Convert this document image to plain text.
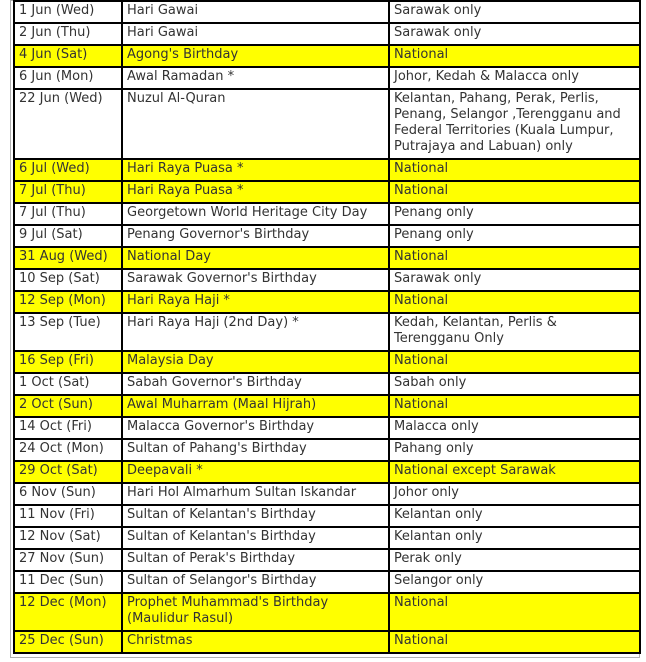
1 Jun (Wed)	Hari Gawai	Sarawak only
2 Jun (Thu)	Hari Gawai	Sarawak only
4 Jun (Sat)	Agong's Birthday	National
6 Jun (Mon)	Awal Ramadan *	Johor, Kedah & Malacca only
22 Jun (Wed)	Nuzul Al-Quran	Kelantan, Pahang, Perak, Perlis, Penang, Selangor ,Terengganu and Federal Territories (Kuala Lumpur, Putrajaya and Labuan) only
6 Jul (Wed)	Hari Raya Puasa *	National
7 Jul (Thu)	Hari Raya Puasa *	National
7 Jul (Thu)	Georgetown World Heritage City Day	Penang only
9 Jul (Sat)	Penang Governor's Birthday	Penang only
31 Aug (Wed)	National Day	National
10 Sep (Sat)	Sarawak Governor's Birthday	Sarawak only
12 Sep (Mon)	Hari Raya Haji *	National
13 Sep (Tue)	Hari Raya Haji (2nd Day) *	Kedah, Kelantan, Perlis & Terengganu Only
16 Sep (Fri)	Malaysia Day	National
1 Oct (Sat)	Sabah Governor's Birthday	Sabah only
2 Oct (Sun)	Awal Muharram (Maal Hijrah)	National
14 Oct (Fri)	Malacca Governor's Birthday	Malacca only
24 Oct (Mon)	Sultan of Pahang's Birthday	Pahang only
29 Oct (Sat)	Deepavali *	National except Sarawak
6 Nov (Sun)	Hari Hol Almarhum Sultan Iskandar	Johor only
11 Nov (Fri)	Sultan of Kelantan's Birthday	Kelantan only
12 Nov (Sat)	Sultan of Kelantan's Birthday	Kelantan only
27 Nov (Sun)	Sultan of Perak's Birthday	Perak only
11 Dec (Sun)	Sultan of Selangor's Birthday	Selangor only
12 Dec (Mon)	Prophet Muhammad's Birthday (Maulidur Rasul)	National
25 Dec (Sun)	Christmas	National
